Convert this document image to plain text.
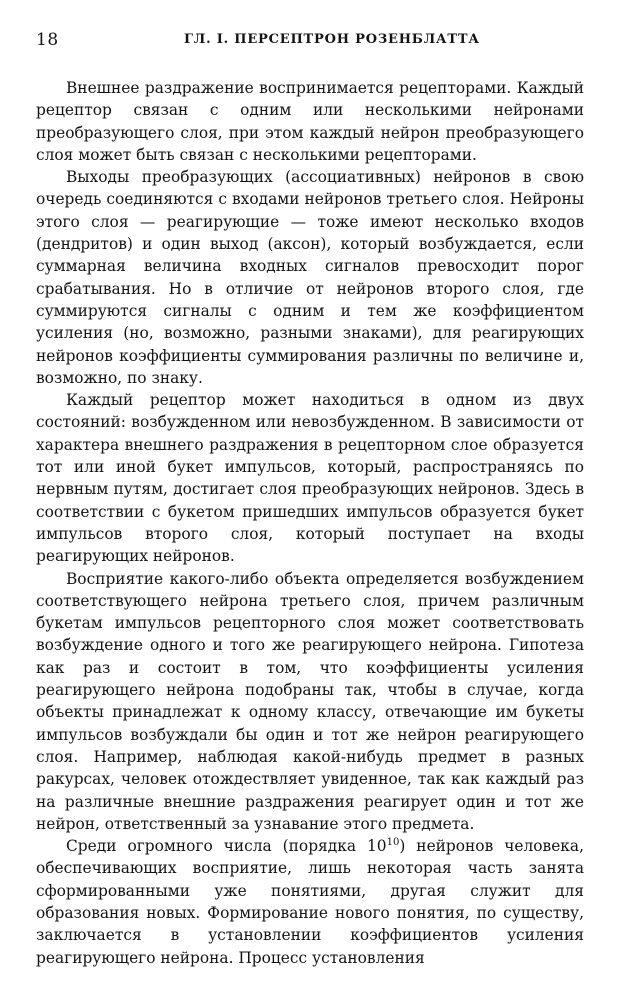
18	ГЛ. I. ПЕРСЕПТРОН РОЗЕНБЛАТТА

Внешнее раздражение воспринимается рецепторами. Каждый рецептор связан с одним или несколькими нейронами преобразующего слоя, при этом каждый нейрон преобразующего слоя может быть связан с несколькими рецепторами.

Выходы преобразующих (ассоциативных) нейронов в свою очередь соединяются с входами нейронов третьего слоя. Нейроны этого слоя — реагирующие — тоже имеют несколько входов (дендритов) и один выход (аксон), который возбуждается, если суммарная величина входных сигналов превосходит порог срабатывания. Но в отличие от нейронов второго слоя, где суммируются сигналы с одним и тем же коэффициентом усиления (но, возможно, разными знаками), для реагирующих нейронов коэффициенты суммирования различны по величине и, возможно, по знаку.

Каждый рецептор может находиться в одном из двух состояний: возбужденном или невозбужденном. В зависимости от характера внешнего раздражения в рецепторном слое образуется тот или иной букет импульсов, который, распространяясь по нервным путям, достигает слоя преобразующих нейронов. Здесь в соответствии с букетом пришедших импульсов образуется букет импульсов второго слоя, который поступает на входы реагирующих нейронов.

Восприятие какого-либо объекта определяется возбуждением соответствующего нейрона третьего слоя, причем различным букетам импульсов рецепторного слоя может соответствовать возбуждение одного и того же реагирующего нейрона. Гипотеза как раз и состоит в том, что коэффициенты усиления реагирующего нейрона подобраны так, чтобы в случае, когда объекты принадлежат к одному классу, отвечающие им букеты импульсов возбуждали бы один и тот же нейрон реагирующего слоя. Например, наблюдая какой-нибудь предмет в разных ракурсах, человек отождествляет увиденное, так как каждый раз на различные внешние раздражения реагирует один и тот же нейрон, ответственный за узнавание этого предмета.

Среди огромного числа (порядка $10^{10}$) нейронов человека, обеспечивающих восприятие, лишь некоторая часть занята сформированными уже понятиями, другая служит для образования новых. Формирование нового понятия, по существу, заключается в установлении коэффициентов усиления реагирующего нейрона. Процесс установления
